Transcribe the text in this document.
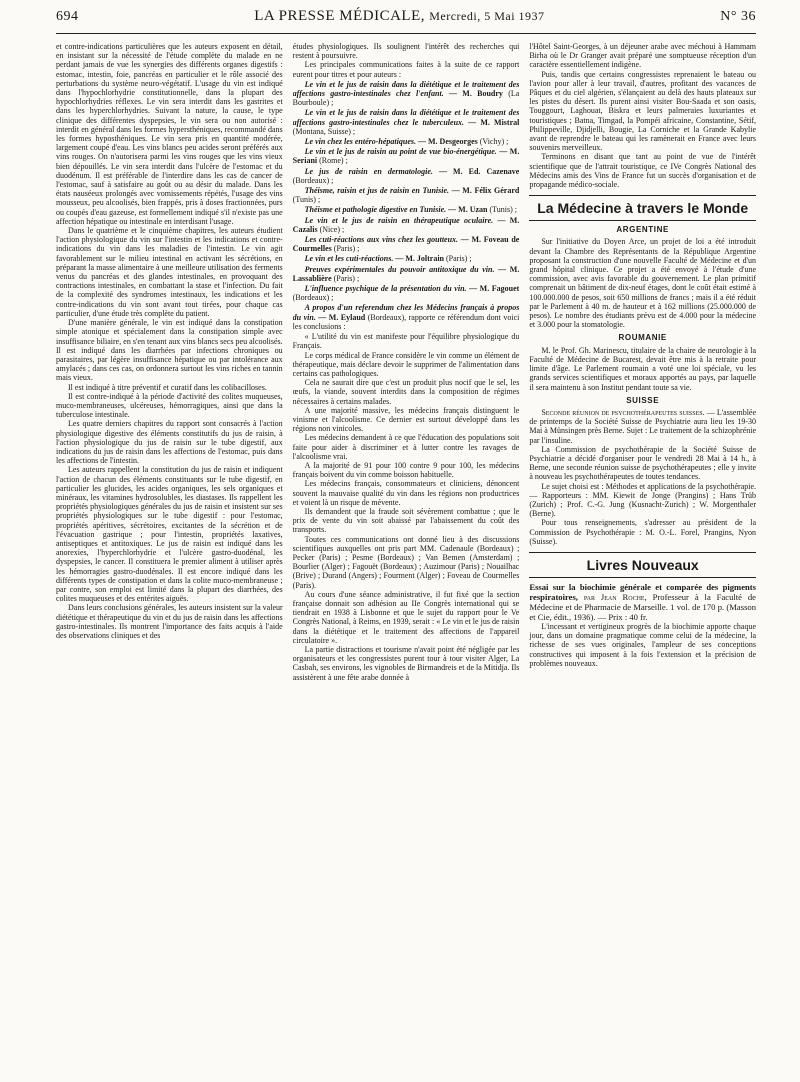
694	LA PRESSE MÉDICALE, Mercredi, 5 Mai 1937	N° 36

et contre-indications particulières que les auteurs exposent en détail, en insistant sur la nécessité de l'étude complète du malade en ne perdant jamais de vue les synergies des différents organes digestifs : estomac, intestin, foie, pancréas en particulier et le rôle associé des perturbations du système neuro-végétatif. L'usage du vin est indiqué dans l'hypochlorhydrie constitutionnelle, dans la plupart des hypochlorhydries réflexes. Le vin sera interdit dans les gastrites et dans les hyperchlorhydries. Suivant la nature, la cause, le type clinique des différentes dyspepsies, le vin sera ou non autorisé : interdit en général dans les formes hypersthéniques, recommandé dans les formes hyposthéniques. Le vin sera pris en quantité modérée, largement coupé d'eau. Les vins blancs peu acides seront préférés aux vins rouges. On n'autorisera parmi les vins rouges que les vins vieux bien dépouillés. Le vin sera interdit dans l'ulcère de l'estomac et du duodénum. Il est préférable de l'interdire dans les cas de cancer de l'estomac, sauf à satisfaire au goût ou au désir du malade. Dans les états nauséeux prolongés avec vomissements répétés, l'usage des vins mousseux, peu alcoolisés, bien frappés, pris à doses fractionnées, purs ou coupés d'eau gazeuse, est formellement indiqué s'il n'existe pas une affection hépatique ou intestinale en interdisant l'usage.

Dans le quatrième et le cinquième chapitres, les auteurs étudient l'action physiologique du vin sur l'intestin et les indications et contre-indications du vin dans les maladies de l'intestin. Le vin agit favorablement sur le milieu intestinal en activant les sécrétions, en préparant la masse alimentaire à une meilleure utilisation des ferments venus du pancréas et des glandes intestinales, en provoquant des contractions intestinales, en combattant la stase et l'infection. Du fait de la complexité des syndromes intestinaux, les indications et les contre-indications du vin sont avant tout tirées, pour chaque cas particulier, d'une étude très complète du patient.

D'une manière générale, le vin est indiqué dans la constipation simple atonique et spécialement dans la constipation simple avec insuffisance biliaire, en s'en tenant aux vins blancs secs peu alcoolisés. Il est indiqué dans les diarrhées par infections chroniques ou parasitaires, par légère insuffisance hépatique ou par intolérance aux amylacés ; dans ces cas, on ordonnera surtout les vins riches en tannin mais vieux.

Il est indiqué à titre préventif et curatif dans les colibacilloses.

Il est contre-indiqué à la période d'activité des colites muqueuses, muco-membraneuses, ulcéreuses, hémorragiques, ainsi que dans la tuberculose intestinale.

Les quatre derniers chapitres du rapport sont consacrés à l'action physiologique digestive des éléments constitutifs du jus de raisin, à l'action physiologique du jus de raisin sur le tube digestif, aux indications du jus de raisin dans les affections de l'estomac, puis dans les affections de l'intestin.

Les auteurs rappellent la constitution du jus de raisin et indiquent l'action de chacun des éléments constituants sur le tube digestif, en particulier les glucides, les acides organiques, les sels organiques et minéraux, les vitamines hydrosolubles, les diastases. Ils rappellent les propriétés physiologiques générales du jus de raisin et insistent sur ses propriétés physiologiques sur le tube digestif : pour l'estomac, propriétés apéritives, sécrétoires, excitantes de la sécrétion et de l'évacuation gastrique ; pour l'intestin, propriétés laxatives, antiseptiques et antitoxiques. Le jus de raisin est indiqué dans les anorexies, l'hyperchlorhydrie et l'ulcère gastro-duodénal, les dyspepsies, le cancer. Il constituera le premier aliment à utiliser après les hémorragies gastro-duodénales. Il est encore indiqué dans les différents types de constipation et dans la colite muco-membraneuse ; par contre, son emploi est limité dans la plupart des diarrhées, des colites muqueuses et des entérites aiguës.

Dans leurs conclusions générales, les auteurs insistent sur la valeur diététique et thérapeutique du vin et du jus de raisin dans les affections gastro-intestinales. Ils montrent l'importance des faits acquis à l'aide des observations cliniques et des

études physiologiques. Ils soulignent l'intérêt des recherches qui restent à poursuivre.

Les principales communications faites à la suite de ce rapport eurent pour titres et pour auteurs :

Le vin et le jus de raisin dans la diététique et le traitement des affections gastro-intestinales chez l'enfant. — M. Boudry (La Bourboule) ;

Le vin et le jus de raisin dans la diététique et le traitement des affections gastro-intestinales chez le tuberculeux. — M. Mistral (Montana, Suisse) ;

Le vin chez les entéro-hépatiques. — M. Desgeorges (Vichy) ;

Le vin et le jus de raisin au point de vue bio-énergétique. — M. Seriani (Rome) ;

Le jus de raisin en dermatologie. — M. Ed. Cazenave (Bordeaux) ;

Théisme, raisin et jus de raisin en Tunisie. — M. Félix Gérard (Tunis) ;

Théisme et pathologie digestive en Tunisie. — M. Uzan (Tunis) ;

Le vin et le jus de raisin en thérapeutique oculaire. — M. Cazalis (Nice) ;

Les cuti-réactions aux vins chez les goutteux. — M. Foveau de Courmelles (Paris) ;

Le vin et les cuti-réactions. — M. Joltrain (Paris) ;

Preuves expérimentales du pouvoir antitoxique du vin. — M. Lassablière (Paris) ;

L'influence psychique de la présentation du vin. — M. Fagouet (Bordeaux) ;

A propos d'un referendum chez les Médecins français à propos du vin. — M. Eylaud (Bordeaux), rapporte ce référendum dont voici les conclusions :

« L'utilité du vin est manifeste pour l'équilibre physiologique du Français.

Le corps médical de France considère le vin comme un élément de thérapeutique, mais déclare devoir le supprimer de l'alimentation dans certains cas pathologiques.

Cela ne saurait dire que c'est un produit plus nocif que le sel, les œufs, la viande, souvent interdits dans la composition de régimes nécessaires à certains malades.

A une majorité massive, les médecins français distinguent le vinisme et l'alcoolisme. Ce dernier est surtout développé dans les régions non vinicoles.

Les médecins demandent à ce que l'éducation des populations soit faite pour aider à discriminer et à lutter contre les ravages de l'alcoolisme vrai.

A la majorité de 91 pour 100 contre 9 pour 100, les médecins français boivent du vin comme boisson habituelle.

Les médecins français, consommateurs et cliniciens, dénoncent souvent la mauvaise qualité du vin dans les régions non productrices et voient là un risque de mévente.

Ils demandent que la fraude soit sévèrement combattue ; que le prix de vente du vin soit abaissé par l'abaissement du coût des transports.

Toutes ces communications ont donné lieu à des discussions scientifiques auxquelles ont pris part MM. Cadenaule (Bordeaux) ; Pecker (Paris) ; Pesme (Bordeaux) ; Van Bemen (Amsterdam) ; Bourlier (Alger) ; Fagouët (Bordeaux) ; Auzimour (Paris) ; Nouailhac (Brive) ; Durand (Angers) ; Fourment (Alger) ; Foveau de Courmelles (Paris).

Au cours d'une séance administrative, il fut fixé que la section française donnait son adhésion au IIe Congrès international qui se tiendrait en 1938 à Lisbonne et que le sujet du rapport pour le Ve Congrès National, à Reims, en 1939, serait : « Le vin et le jus de raisin dans la diététique et le traitement des affections de l'appareil circulatoire ».

La partie distractions et tourisme n'avait point été négligée par les organisateurs et les congressistes purent tour à tour visiter Alger, La Casbah, ses environs, les vignobles de Birmandreis et de la Mitidja. Ils assistèrent à une fête arabe donnée à

l'Hôtel Saint-Georges, à un déjeuner arabe avec méchoui à Hammam Birha où le Dr Granger avait préparé une somptueuse réception d'un caractère essentiellement indigène.

Puis, tandis que certains congressistes reprenaient le bateau ou l'avion pour aller à leur travail, d'autres, profitant des vacances de Pâques et du ciel algérien, s'élançaient au delà des hauts plateaux sur les pistes du désert. Ils purent ainsi visiter Bou-Saada et son oasis, Touggourt, Laghouat, Biskra et leurs palmeraies luxuriantes et touristiques ; Batna, Timgad, la Pompéi africaine, Constantine, Sétif, Philippeville, Djidjelli, Bougie, La Corniche et la Grande Kabylie avant de reprendre le bateau qui les ramènerait en France avec leurs souvenirs merveilleux.

Terminons en disant que tant au point de vue de l'intérêt scientifique que de l'attrait touristique, ce IVe Congrès National des Médecins amis des Vins de France fut un succès d'organisation et de propagande médico-sociale.

La Médecine à travers le Monde
ARGENTINE

Sur l'initiative du Doyen Arce, un projet de loi a été introduit devant la Chambre des Représentants de la République Argentine proposant la construction d'une nouvelle Faculté de Médecine et d'un grand hôpital clinique. Ce projet a été envoyé à l'étude d'une commission, avec avis favorable du gouvernement. Le plan primitif comprenait un bâtiment de dix-neuf étages, dont le coût était estimé à 100.000.000 de pesos, soit 650 millions de francs ; mais il a été réduit par le Parlement à 40 m. de hauteur et à 162 millions (25.000.000 de pesos). Le nombre des étudiants prévu est de 4.000 pour la médecine et 3.000 pour la stomatologie.

ROUMANIE

M. le Prof. Gh. Marinescu, titulaire de la chaire de neurologie à la Faculté de Médecine de Bucarest, devait être mis à la retraite pour limite d'âge. Le Parlement roumain a voté une loi spéciale, vu les grands services scientifiques et moraux apportés au pays, par laquelle il sera maintenu à son Institut pendant toute sa vie.

SUISSE

Seconde réunion de psychothérapeutes suisses. — L'assemblée de printemps de la Société Suisse de Psychiatrie aura lieu les 19-30 Mai à Münsingen près Berne. Sujet : Le traitement de la schizophrénie par l'insuline.

La Commission de psychothérapie de la Société Suisse de Psychiatrie a décidé d'organiser pour le vendredi 28 Mai à 14 h., à Berne, une seconde réunion suisse de psychothérapeutes ; elle y invite à nouveau les psychothérapeutes de toutes tendances.

Le sujet choisi est : Méthodes et applications de la psychothérapie. — Rapporteurs : MM. Kiewit de Jonge (Prangins) ; Hans Trüb (Zurich) ; Prof. C.-G. Jung (Kusnacht-Zurich) ; W. Morgenthaler (Berne).

Pour tous renseignements, s'adresser au président de la Commission de Psychothérapie : M. O.-L. Forel, Prangins, Nyon (Suisse).

Livres Nouveaux

Essai sur la biochimie générale et comparée des pigments respiratoires, par Jean Roche, Professeur à la Faculté de Médecine et de Pharmacie de Marseille. 1 vol. de 170 p. (Masson et Cie, édit., 1936). — Prix : 40 fr.

L'incessant et vertigineux progrès de la biochimie apporte chaque jour, dans un domaine pragmatique comme celui de la médecine, la richesse de ses vues originales, l'ampleur de ses conceptions constructives qui imposent à la fois l'extension et la précision de problèmes nouveaux.
